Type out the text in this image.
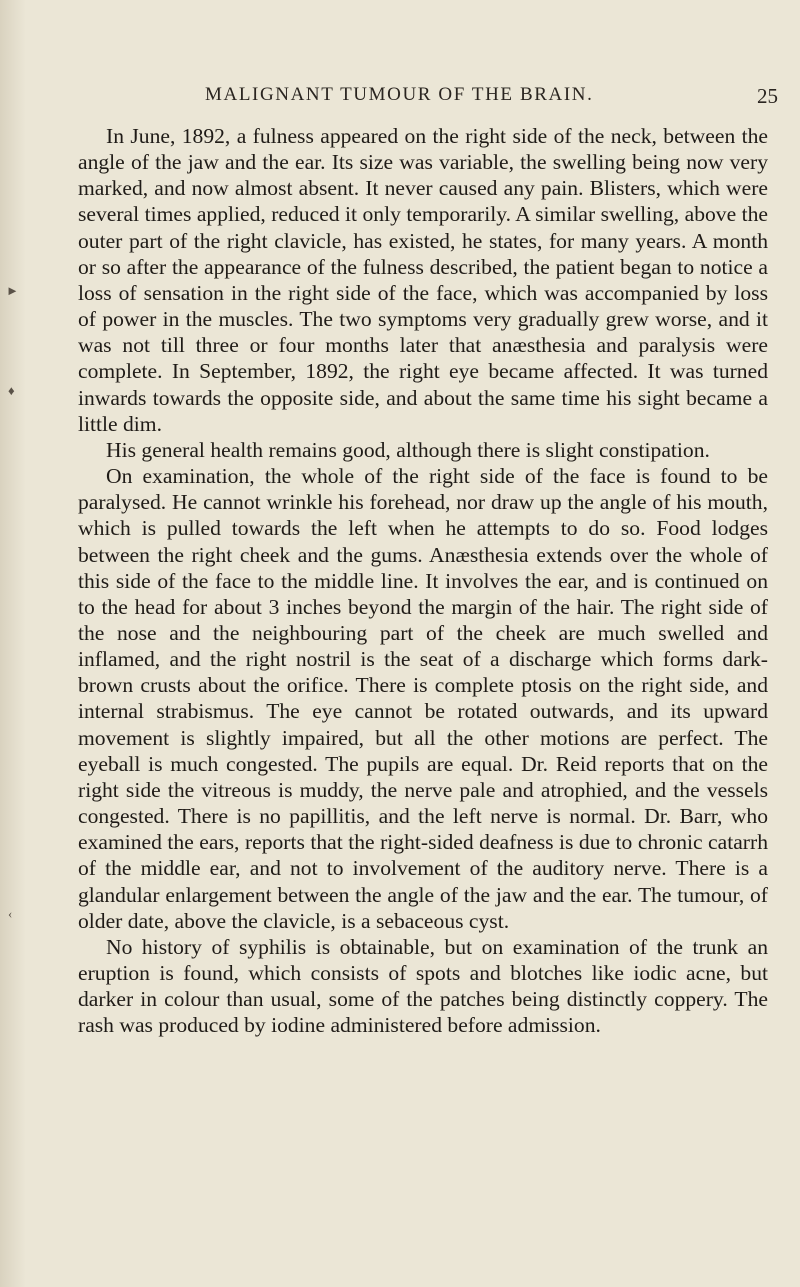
►
♦
‹
MALIGNANT TUMOUR OF THE BRAIN.	25

In June, 1892, a fulness appeared on the right side of the neck, between the angle of the jaw and the ear. Its size was variable, the swelling being now very marked, and now almost absent. It never caused any pain. Blisters, which were several times applied, reduced it only temporarily. A similar swelling, above the outer part of the right clavicle, has existed, he states, for many years. A month or so after the appearance of the fulness described, the patient began to notice a loss of sensation in the right side of the face, which was accompanied by loss of power in the muscles. The two symptoms very gradually grew worse, and it was not till three or four months later that anæsthesia and paralysis were complete. In September, 1892, the right eye became affected. It was turned inwards towards the opposite side, and about the same time his sight became a little dim.

His general health remains good, although there is slight constipation.

On examination, the whole of the right side of the face is found to be paralysed. He cannot wrinkle his forehead, nor draw up the angle of his mouth, which is pulled towards the left when he attempts to do so. Food lodges between the right cheek and the gums. Anæsthesia extends over the whole of this side of the face to the middle line. It involves the ear, and is continued on to the head for about 3 inches beyond the margin of the hair. The right side of the nose and the neighbouring part of the cheek are much swelled and inflamed, and the right nostril is the seat of a discharge which forms dark-brown crusts about the orifice. There is complete ptosis on the right side, and internal strabismus. The eye cannot be rotated outwards, and its upward movement is slightly impaired, but all the other motions are perfect. The eyeball is much congested. The pupils are equal. Dr. Reid reports that on the right side the vitreous is muddy, the nerve pale and atrophied, and the vessels congested. There is no papillitis, and the left nerve is normal. Dr. Barr, who examined the ears, reports that the right-sided deafness is due to chronic catarrh of the middle ear, and not to involvement of the auditory nerve. There is a glandular enlargement between the angle of the jaw and the ear. The tumour, of older date, above the clavicle, is a sebaceous cyst.

No history of syphilis is obtainable, but on examination of the trunk an eruption is found, which consists of spots and blotches like iodic acne, but darker in colour than usual, some of the patches being distinctly coppery. The rash was produced by iodine administered before admission.
